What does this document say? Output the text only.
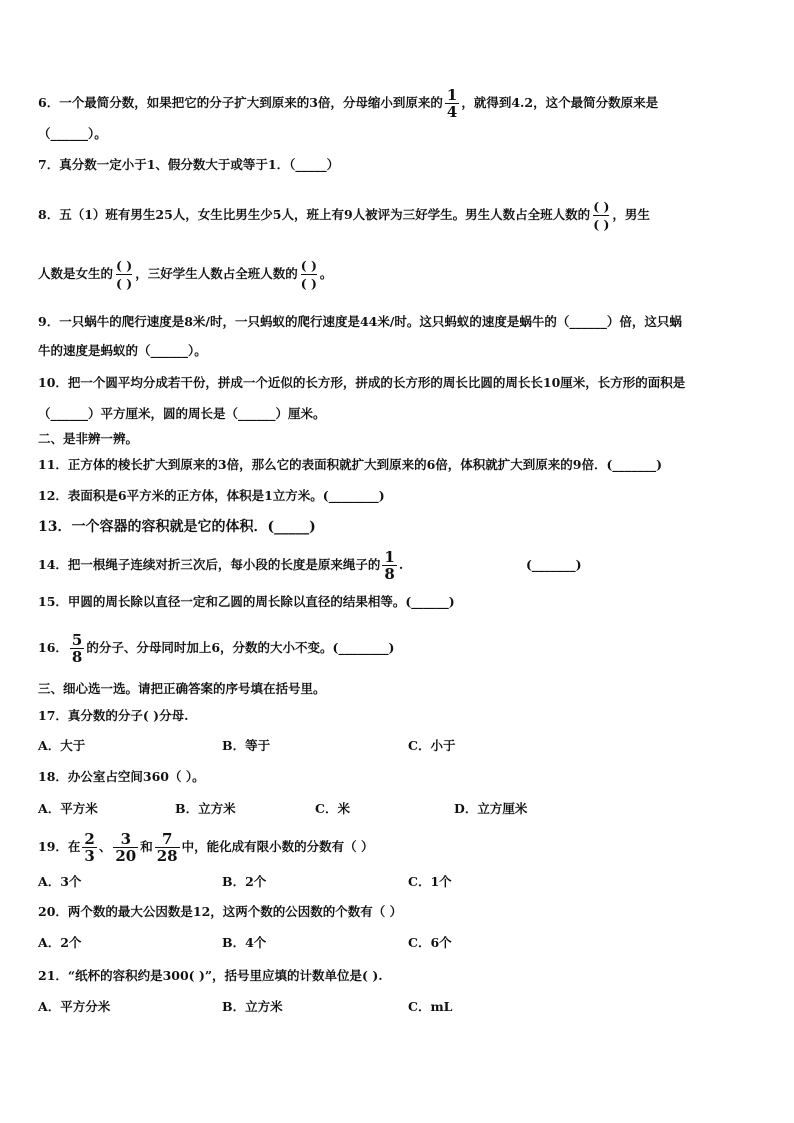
6．一个最简分数，如果把它的分子扩大到原来的3倍，分母缩小到原来的 $\frac{1}{4}$ ，就得到4.2，这个最简分数原来是
（______）。
7．真分数一定小于1、假分数大于或等于1．（_____）
8．五（1）班有男生25人，女生比男生少5人，班上有9人被评为三好学生。男生人数占全班人数的
( )
( )
，男生
人数是女生的
( )
( )
，三好学生人数占全班人数的
( )
( )
。
9．一只蜗牛的爬行速度是8米/时，一只蚂蚁的爬行速度是44米/时。这只蚂蚁的速度是蜗牛的（______）倍，这只蜗
牛的速度是蚂蚁的（______）。
10．把一个圆平均分成若干份，拼成一个近似的长方形，拼成的长方形的周长比圆的周长长10厘米，长方形的面积是
（______）平方厘米，圆的周长是（______）厘米。
二、是非辨一辨。
11．正方体的棱长扩大到原来的3倍，那么它的表面积就扩大到原来的6倍，体积就扩大到原来的9倍．(_______)
12．表面积是6平方米的正方体，体积是1立方米。(________)
13．一个容器的容积就是它的体积．(_____)
14．把一根绳子连续对折三次后，每小段的长度是原来绳子的 $\frac{1}{8}$ .	(_______)
15．甲圆的周长除以直径一定和乙圆的周长除以直径的结果相等。(______)
16． $\frac{5}{8}$ 的分子、分母同时加上6，分数的大小不变。(________)
三、细心选一选。请把正确答案的序号填在括号里。
17．真分数的分子( )分母.
A．大于	B．等于	C．小于
18．办公室占空间360（ ）。
A．平方米	B．立方米	C．米	D．立方厘米
19．在 $\frac{2}{3}$ 、 $\frac{3}{20}$ 和 $\frac{7}{28}$ 中，能化成有限小数的分数有（ ）
A．3个	B．2个	C．1个
20．两个数的最大公因数是12，这两个数的公因数的个数有（ ）
A．2个	B．4个	C．6个
21．“纸杯的容积约是300( )”，括号里应填的计数单位是( ).
A．平方分米	B．立方米	C．mL
